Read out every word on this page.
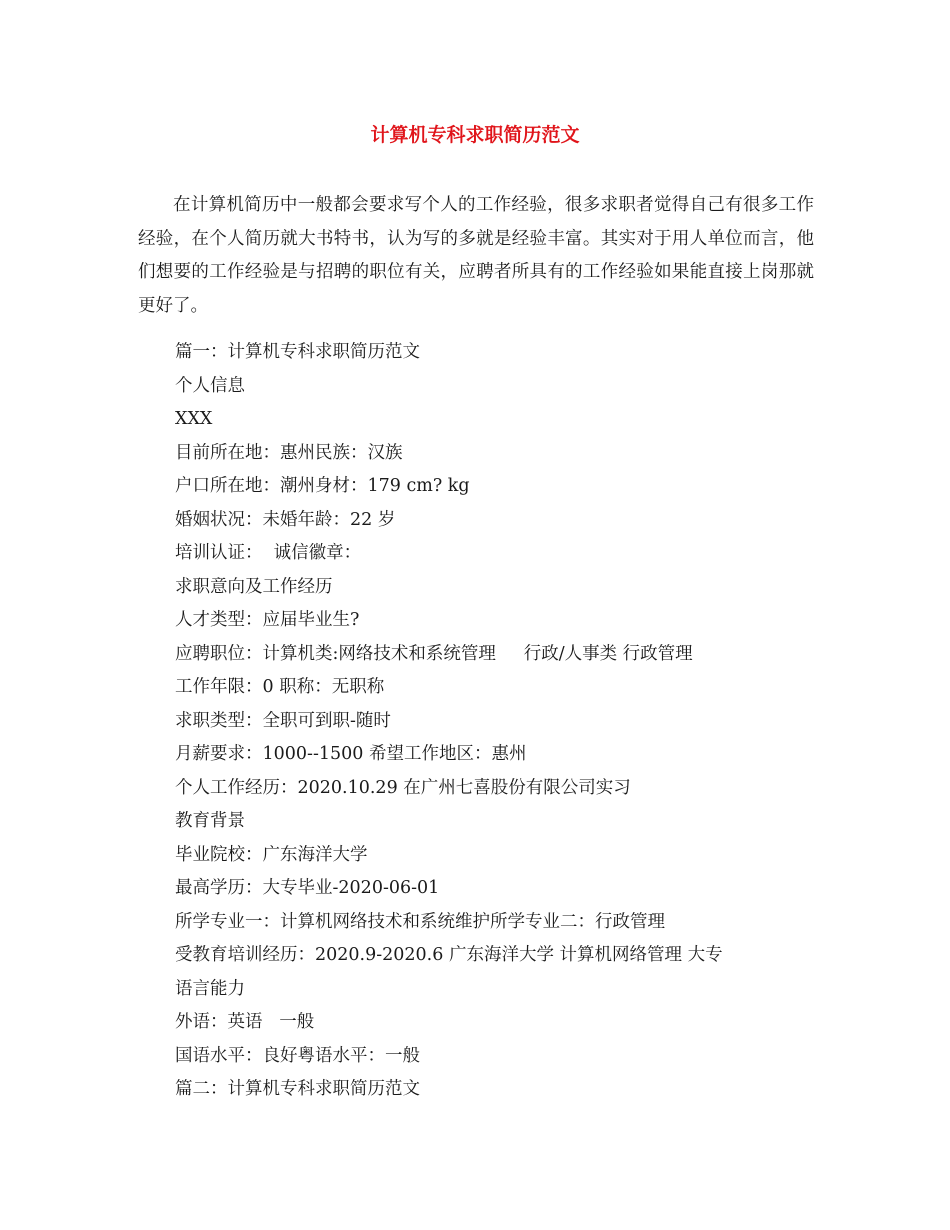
计算机专科求职简历范文
在计算机简历中一般都会要求写个人的工作经验，很多求职者觉得自己有很多工作经验，在个人简历就大书特书，认为写的多就是经验丰富。其实对于用人单位而言，他们想要的工作经验是与招聘的职位有关，应聘者所具有的工作经验如果能直接上岗那就更好了。
篇一：计算机专科求职简历范文
个人信息
XXX
目前所在地：惠州民族：汉族
户口所在地：潮州身材：179 cm? kg
婚姻状况：未婚年龄：22 岁
培训认证：  诚信徽章：
求职意向及工作经历
人才类型：应届毕业生?
应聘职位：计算机类:网络技术和系统管理     行政/人事类 行政管理
工作年限：0 职称：无职称
求职类型：全职可到职-随时
月薪要求：1000--1500 希望工作地区：惠州
个人工作经历：2020.10.29 在广州七喜股份有限公司实习
教育背景
毕业院校：广东海洋大学
最高学历：大专毕业-2020-06-01
所学专业一：计算机网络技术和系统维护所学专业二：行政管理
受教育培训经历：2020.9-2020.6 广东海洋大学 计算机网络管理 大专
语言能力
外语：英语   一般
国语水平：良好粤语水平：一般
篇二：计算机专科求职简历范文
